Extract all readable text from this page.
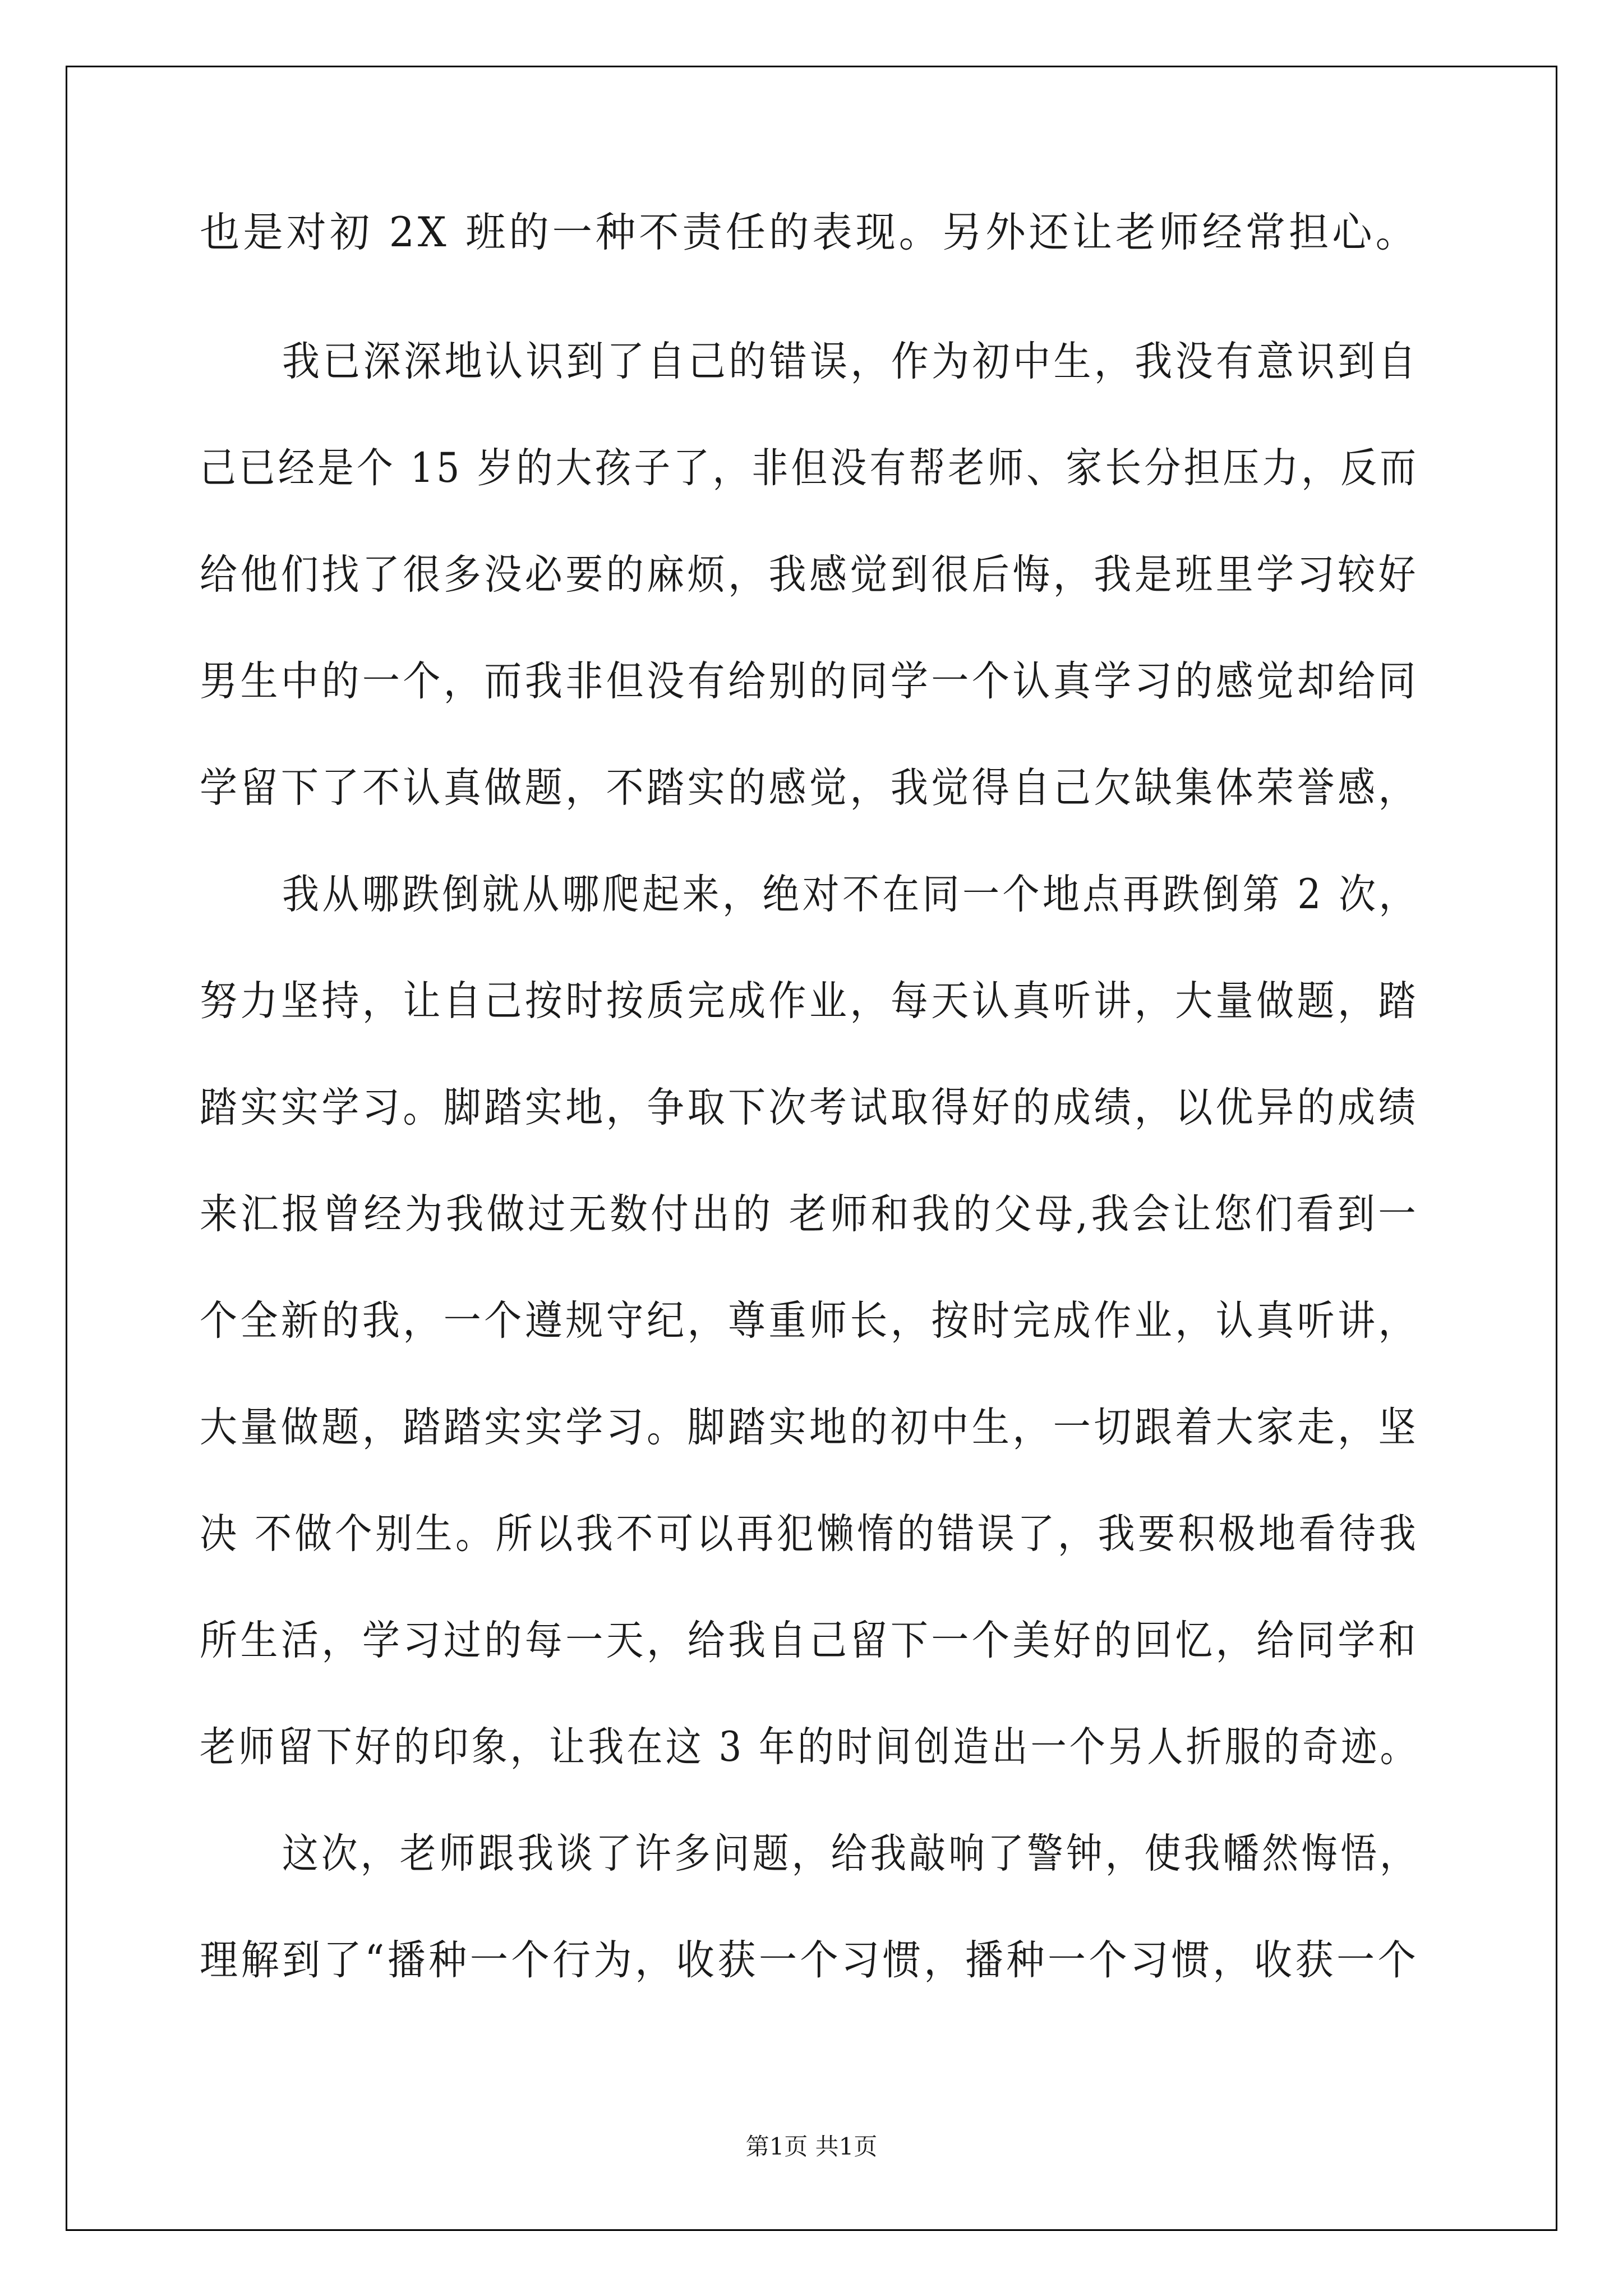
也是对初 2X 班的一种不责任的表现。另外还让老师经常担心。
我已深深地认识到了自己的错误，作为初中生，我没有意识到自
己已经是个 15 岁的大孩子了，非但没有帮老师、家长分担压力，反而
给他们找了很多没必要的麻烦，我感觉到很后悔，我是班里学习较好
男生中的一个，而我非但没有给别的同学一个认真学习的感觉却给同
学留下了不认真做题，不踏实的感觉，我觉得自己欠缺集体荣誉感，
我从哪跌倒就从哪爬起来，绝对不在同一个地点再跌倒第 2 次，
努力坚持，让自己按时按质完成作业，每天认真听讲，大量做题，踏
踏实实学习。脚踏实地，争取下次考试取得好的成绩，以优异的成绩
来汇报曾经为我做过无数付出的 老师和我的父母,我会让您们看到一
个全新的我，一个遵规守纪，尊重师长，按时完成作业，认真听讲，
大量做题，踏踏实实学习。脚踏实地的初中生，一切跟着大家走，坚
决 不做个别生。所以我不可以再犯懒惰的错误了，我要积极地看待我
所生活，学习过的每一天，给我自己留下一个美好的回忆，给同学和
老师留下好的印象，让我在这 3 年的时间创造出一个另人折服的奇迹。
这次，老师跟我谈了许多问题，给我敲响了警钟，使我幡然悔悟，
理解到了“播种一个行为，收获一个习惯，播种一个习惯，收获一个
第1页 共1页
